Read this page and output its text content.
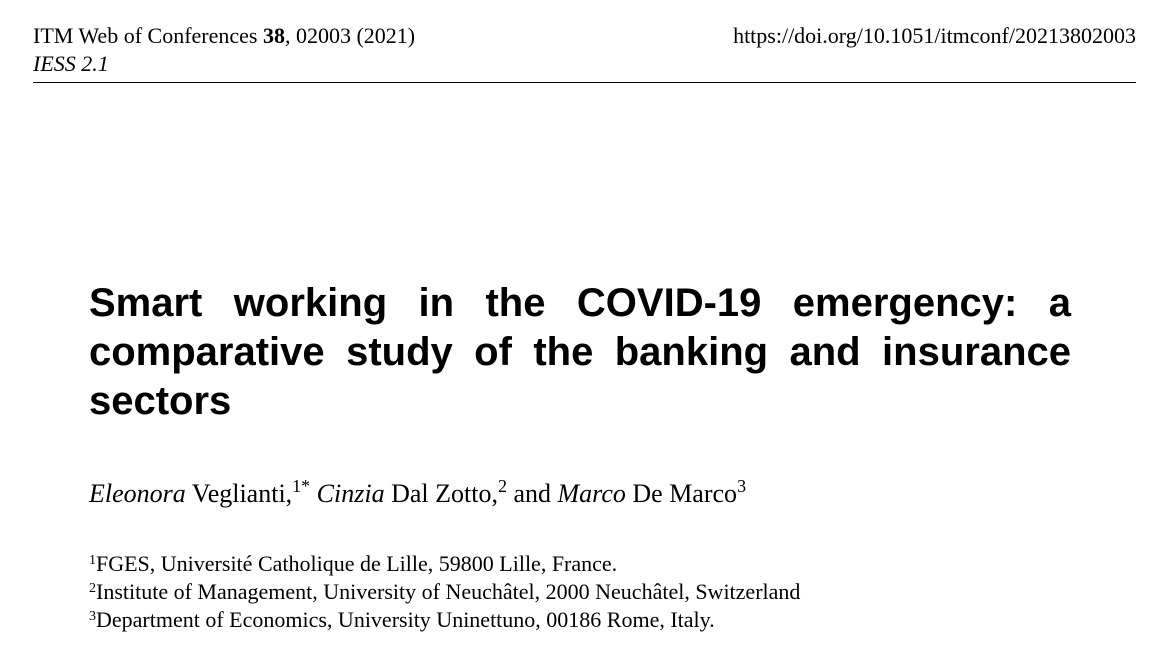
ITM Web of Conferences 38, 02003 (2021)
IESS 2.1
https://doi.org/10.1051/itmconf/20213802003
Smart working in the COVID-19 emergency: a comparative study of the banking and insurance sectors
Eleonora Veglianti,$^{1*}$ Cinzia Dal Zotto,$^2$ and Marco De Marco$^3$
$^1$FGES, Université Catholique de Lille, 59800 Lille, France.
$^2$Institute of Management, University of Neuchâtel, 2000 Neuchâtel, Switzerland
$^3$Department of Economics, University Uninettuno, 00186 Rome, Italy.
